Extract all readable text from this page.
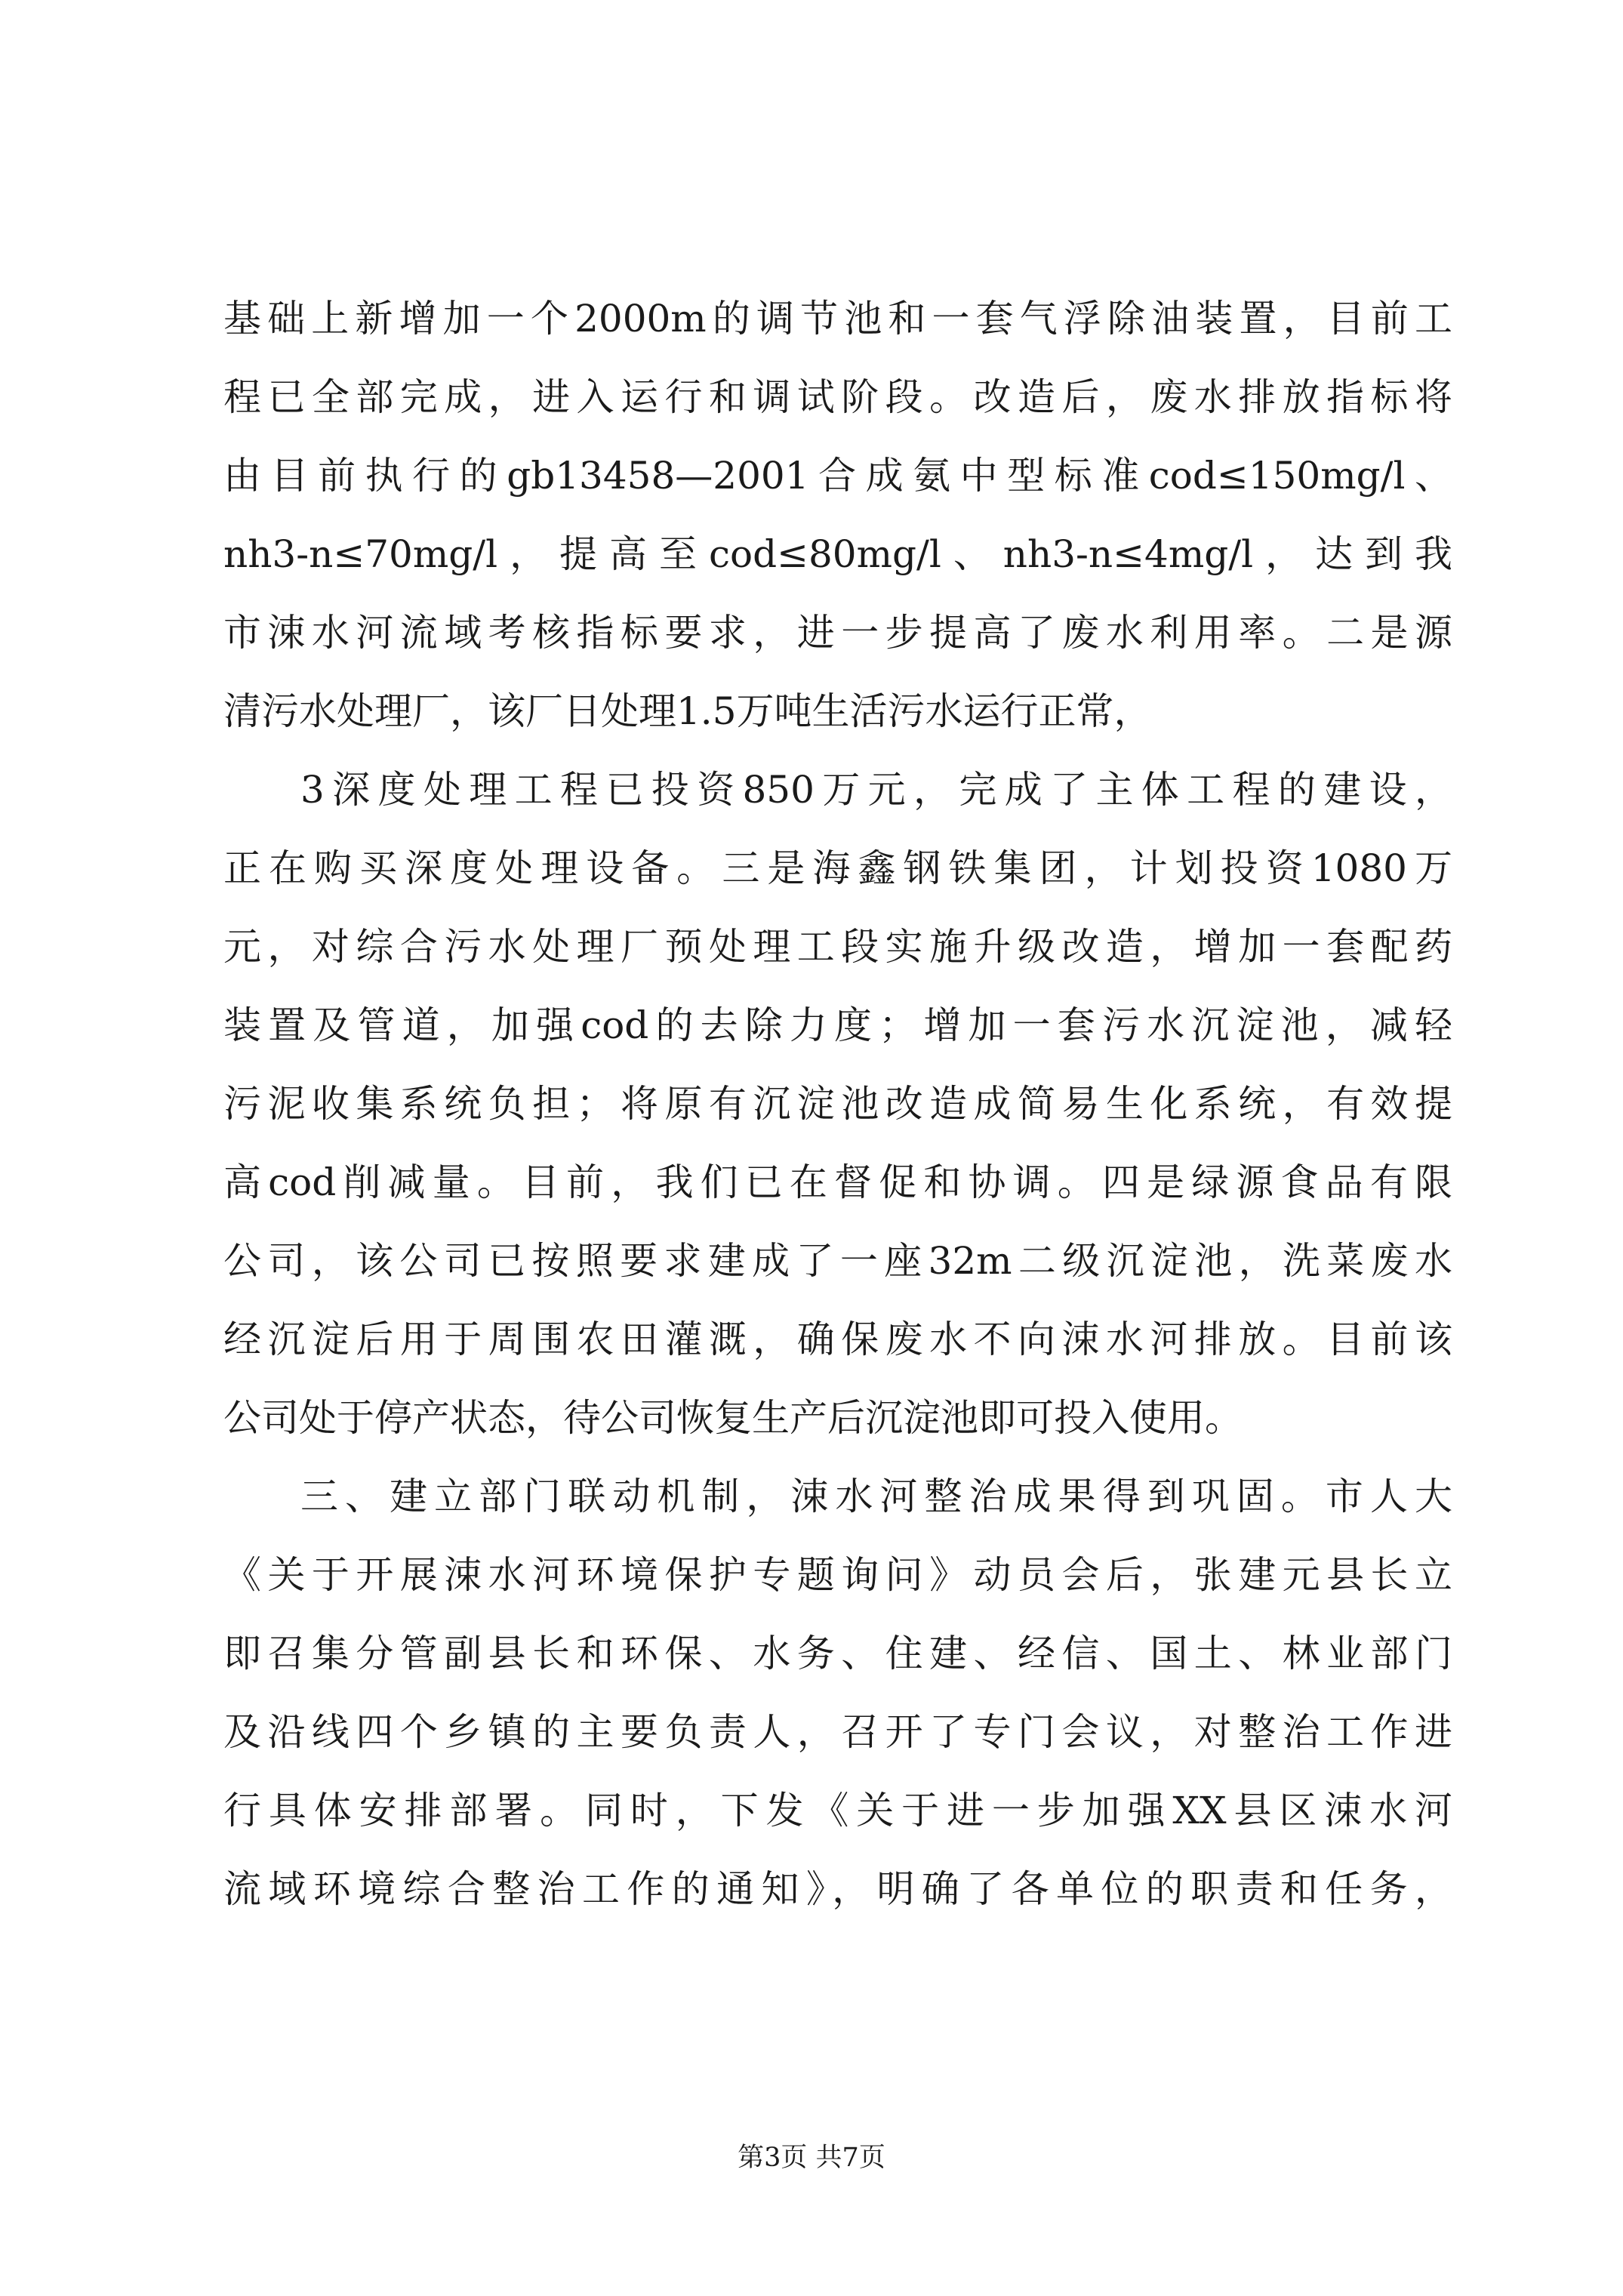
基础上新增加一个2000m的调节池和一套气浮除油装置，目前工
程已全部完成，进入运行和调试阶段。改造后，废水排放指标将
由目前执行的gb13458—2001合成氨中型标准cod≤150mg/l、
nh3-n≤70mg/l，提高至cod≤80mg/l、nh3-n≤4mg/l，达到我
市涑水河流域考核指标要求，进一步提高了废水利用率。二是源
清污水处理厂，该厂日处理1.5万吨生活污水运行正常，
3深度处理工程已投资850万元，完成了主体工程的建设，
正在购买深度处理设备。三是海鑫钢铁集团，计划投资1080万
元，对综合污水处理厂预处理工段实施升级改造，增加一套配药
装置及管道，加强cod的去除力度；增加一套污水沉淀池，减轻
污泥收集系统负担；将原有沉淀池改造成简易生化系统，有效提
高cod削减量。目前，我们已在督促和协调。四是绿源食品有限
公司，该公司已按照要求建成了一座32m二级沉淀池，洗菜废水
经沉淀后用于周围农田灌溉，确保废水不向涑水河排放。目前该
公司处于停产状态，待公司恢复生产后沉淀池即可投入使用。
三、建立部门联动机制，涑水河整治成果得到巩固。市人大
《关于开展涑水河环境保护专题询问》动员会后，张建元县长立
即召集分管副县长和环保、水务、住建、经信、国土、林业部门
及沿线四个乡镇的主要负责人，召开了专门会议，对整治工作进
行具体安排部署。同时，下发《关于进一步加强XX县区涑水河
流域环境综合整治工作的通知》，明确了各单位的职责和任务，
第3页 共7页
